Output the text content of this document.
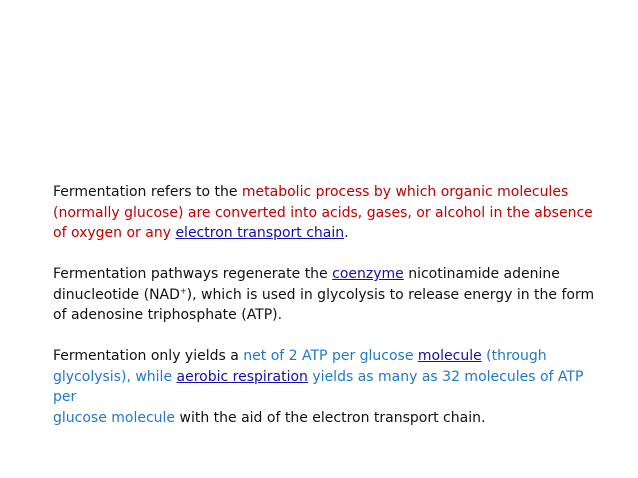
Fermentation refers to the metabolic process by which organic molecules
(normally glucose) are converted into acids, gases, or alcohol in the absence
of oxygen or any electron transport chain.

Fermentation pathways regenerate the coenzyme nicotinamide adenine
dinucleotide (NAD+), which is used in glycolysis to release energy in the form
of adenosine triphosphate (ATP).

Fermentation only yields a net of 2 ATP per glucose molecule (through
glycolysis), while aerobic respiration yields as many as 32 molecules of ATP per
glucose molecule with the aid of the electron transport chain.
